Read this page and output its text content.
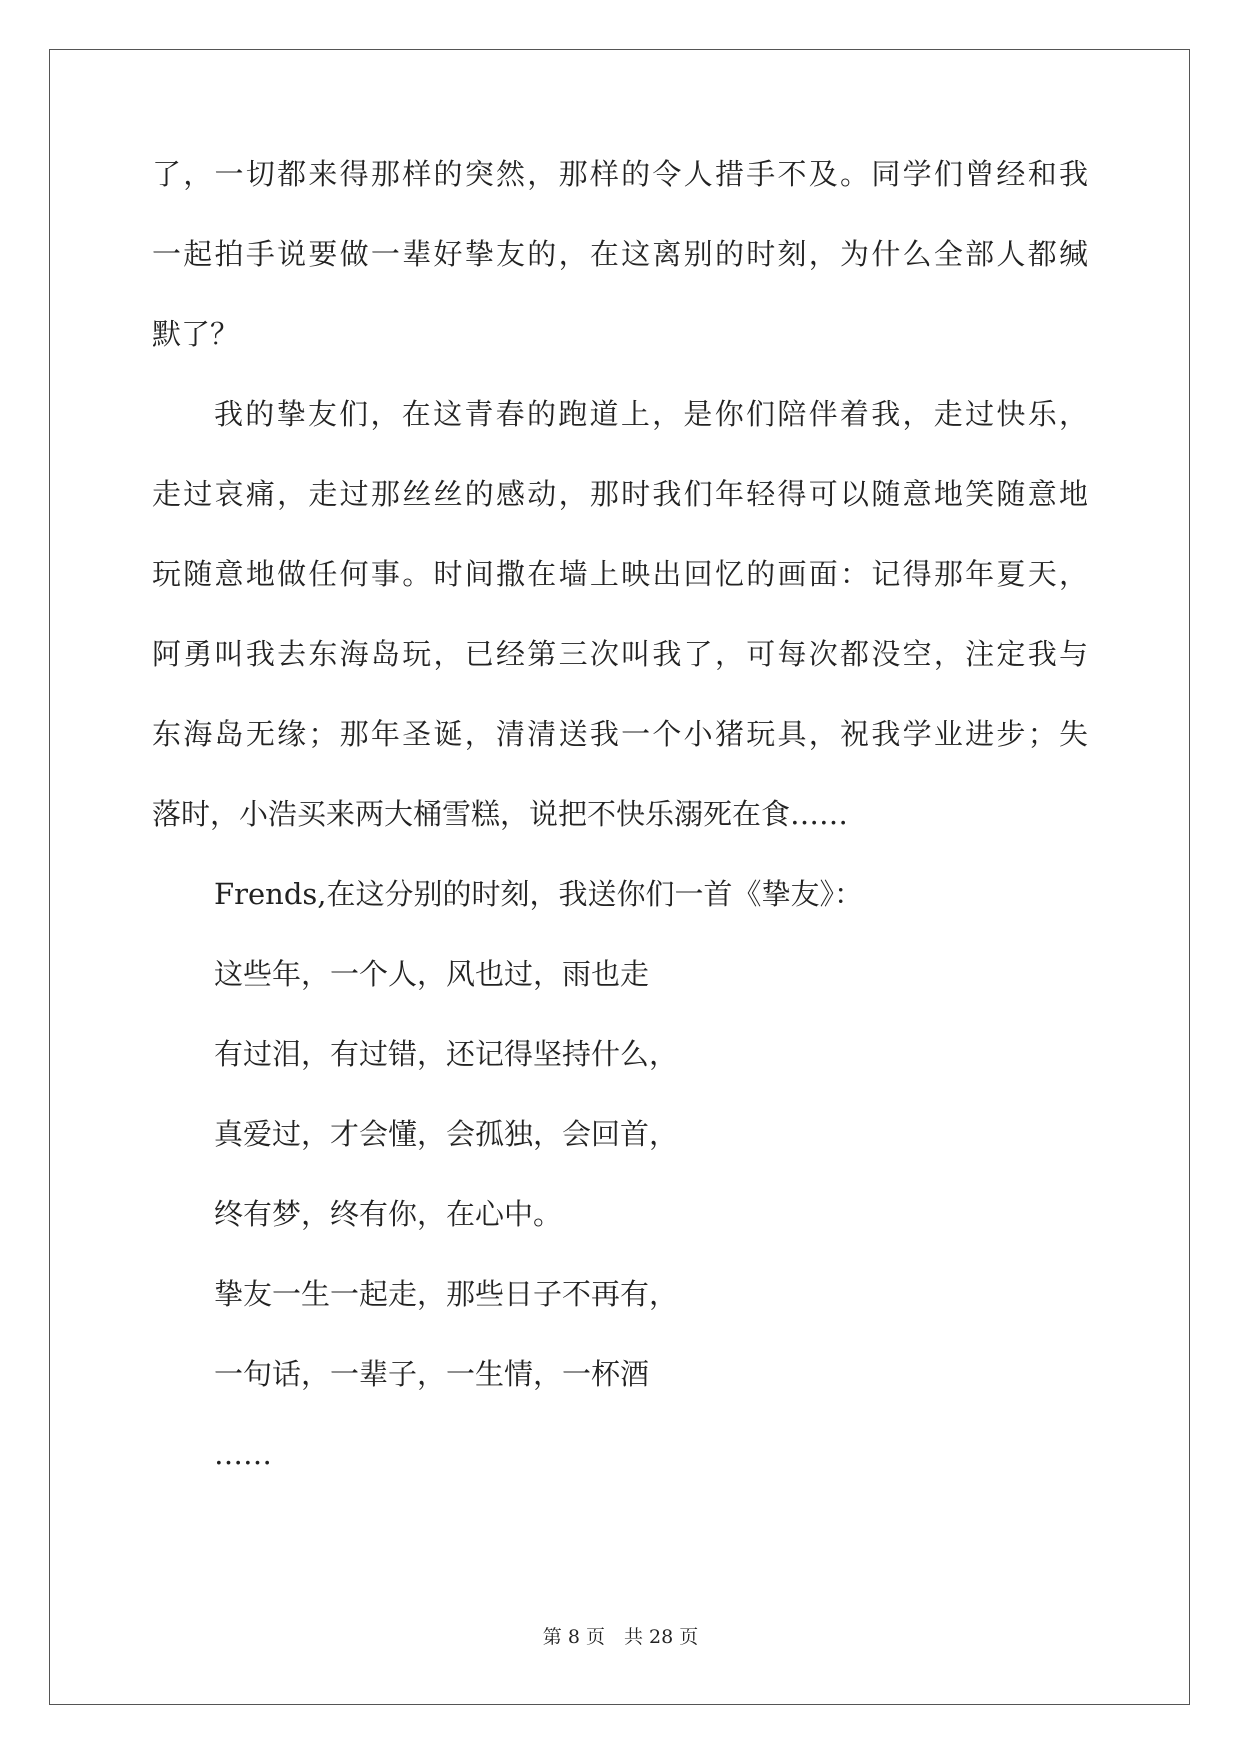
了，一切都来得那样的突然，那样的令人措手不及。同学们曾经和我

一起拍手说要做一辈好挚友的，在这离别的时刻，为什么全部人都缄

默了？

我的挚友们，在这青春的跑道上，是你们陪伴着我，走过快乐，

走过哀痛，走过那丝丝的感动，那时我们年轻得可以随意地笑随意地

玩随意地做任何事。时间撒在墙上映出回忆的画面：记得那年夏天，

阿勇叫我去东海岛玩，已经第三次叫我了，可每次都没空，注定我与

东海岛无缘；那年圣诞，清清送我一个小猪玩具，祝我学业进步；失

落时，小浩买来两大桶雪糕，说把不快乐溺死在食……

Frends,在这分别的时刻，我送你们一首《挚友》：

这些年，一个人，风也过，雨也走

有过泪，有过错，还记得坚持什么，

真爱过，才会懂，会孤独，会回首，

终有梦，终有你，在心中。

挚友一生一起走，那些日子不再有，

一句话，一辈子，一生情，一杯酒

……

第 8 页　共 28 页
